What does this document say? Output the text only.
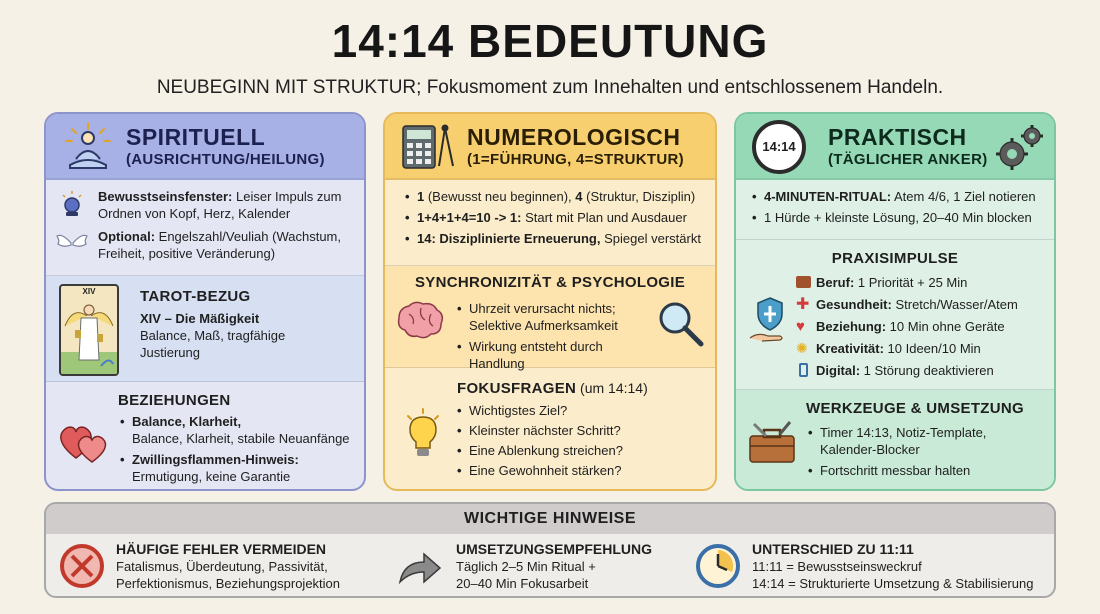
14:14 BEDEUTUNG
NEUBEGINN MIT STRUKTUR; Fokusmoment zum Innehalten und entschlossenem Handeln.
SPIRITUELL
(AUSRICHTUNG/HEILUNG)
Bewusstseinsfenster: Leiser Impuls zum Ordnen von Kopf, Herz, Kalender
Optional: Engelszahl/Veuliah (Wachstum, Freiheit, positive Veränderung)
XIV	TAROT-BEZUG
XIV – Die Mäßigkeit
Balance, Maß, tragfähige Justierung
BEZIEHUNGEN
• Balance, Klarheit,
Balance, Klarheit, stabile Neuanfänge
• Zwillingsflammen-Hinweis:
Ermutigung, keine Garantie
NUMEROLOGISCH
(1=FÜHRUNG, 4=STRUKTUR)
• 1 (Bewusst neu beginnen), 4 (Struktur, Disziplin)
• 1+4+1+4=10 -> 1: Start mit Plan und Ausdauer
• 14: Disziplinierte Erneuerung, Spiegel verstärkt
SYNCHRONIZITÄT & PSYCHOLOGIE
• Uhrzeit verursacht nichts; Selektive Aufmerksamkeit
• Wirkung entsteht durch Handlung
FOKUSFRAGEN (um 14:14)
• Wichtigstes Ziel?
• Kleinster nächster Schritt?
• Eine Ablenkung streichen?
• Eine Gewohnheit stärken?
14:14 PRAKTISCH
(TÄGLICHER ANKER)
• 4-MINUTEN-RITUAL: Atem 4/6, 1 Ziel notieren
• 1 Hürde + kleinste Lösung, 20–40 Min blocken
PRAXISIMPULSE
Beruf: 1 Priorität + 25 Min
✚ Gesundheit: Stretch/Wasser/Atem
♥ Beziehung: 10 Min ohne Geräte
✺ Kreativität: 10 Ideen/10 Min
Digital: 1 Störung deaktivieren
WERKZEUGE & UMSETZUNG
• Timer 14:13, Notiz-Template, Kalender-Blocker
• Fortschritt messbar halten
WICHTIGE HINWEISE
HÄUFIGE FEHLER VERMEIDEN
Fatalismus, Überdeutung, Passivität,
Perfektionismus, Beziehungsprojektion
UMSETZUNGSEMPFEHLUNG
Täglich 2–5 Min Ritual +
20–40 Min Fokusarbeit
UNTERSCHIED ZU 11:11
11:11 = Bewusstseinsweckruf
14:14 = Strukturierte Umsetzung & Stabilisierung
